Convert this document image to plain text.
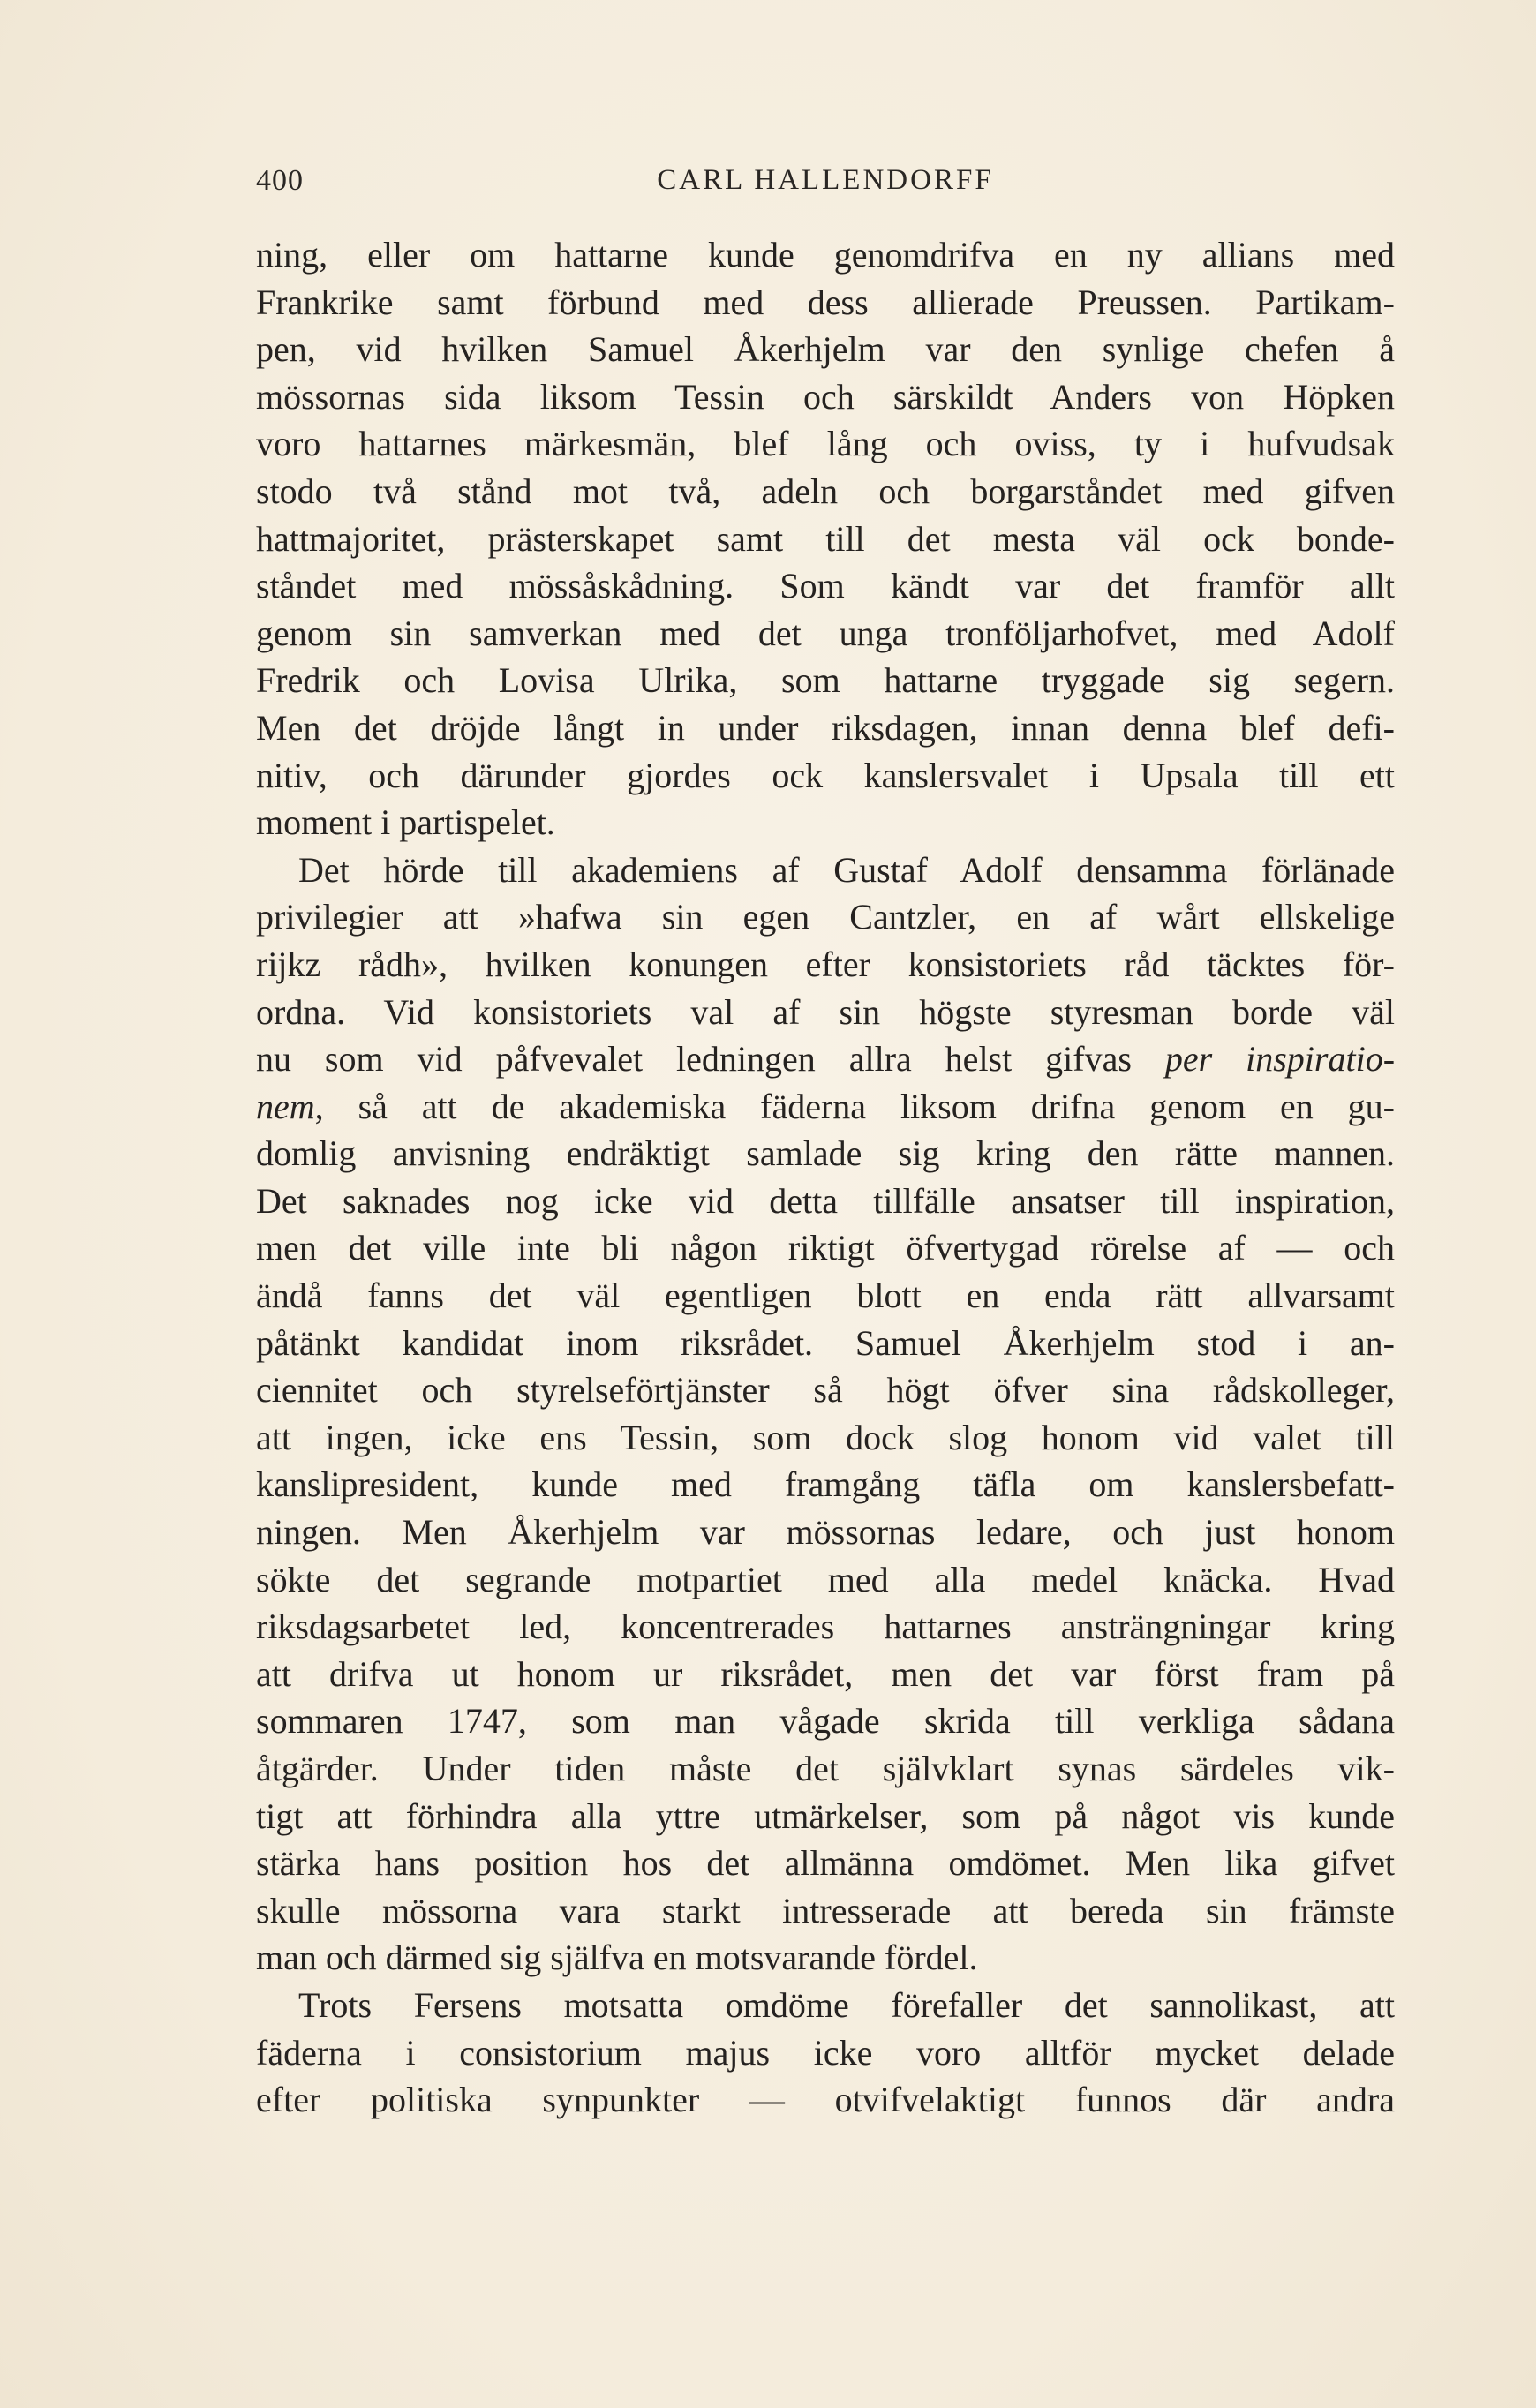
400	CARL HALLENDORFF
ning, eller om hattarne kunde genomdrifva en ny allians med
Frankrike samt förbund med dess allierade Preussen. Partikam-
pen, vid hvilken Samuel Åkerhjelm var den synlige chefen å
mössornas sida liksom Tessin och särskildt Anders von Höpken
voro hattarnes märkesmän, blef lång och oviss, ty i hufvudsak
stodo två stånd mot två, adeln och borgarståndet med gifven
hattmajoritet, prästerskapet samt till det mesta väl ock bonde-
ståndet med mössåskådning. Som kändt var det framför allt
genom sin samverkan med det unga tronföljarhofvet, med Adolf
Fredrik och Lovisa Ulrika, som hattarne tryggade sig segern.
Men det dröjde långt in under riksdagen, innan denna blef defi-
nitiv, och därunder gjordes ock kanslersvalet i Upsala till ett
moment i partispelet.
Det hörde till akademiens af Gustaf Adolf densamma förlänade
privilegier att »hafwa sin egen Cantzler, en af wårt ellskelige
rijkz rådh», hvilken konungen efter konsistoriets råd täcktes för-
ordna. Vid konsistoriets val af sin högste styresman borde väl
nu som vid påfvevalet ledningen allra helst gifvas per inspiratio-
nem, så att de akademiska fäderna liksom drifna genom en gu-
domlig anvisning endräktigt samlade sig kring den rätte mannen.
Det saknades nog icke vid detta tillfälle ansatser till inspiration,
men det ville inte bli någon riktigt öfvertygad rörelse af — och
ändå fanns det väl egentligen blott en enda rätt allvarsamt
påtänkt kandidat inom riksrådet. Samuel Åkerhjelm stod i an-
ciennitet och styrelseförtjänster så högt öfver sina rådskolleger,
att ingen, icke ens Tessin, som dock slog honom vid valet till
kanslipresident, kunde med framgång täfla om kanslersbefatt-
ningen. Men Åkerhjelm var mössornas ledare, och just honom
sökte det segrande motpartiet med alla medel knäcka. Hvad
riksdagsarbetet led, koncentrerades hattarnes ansträngningar kring
att drifva ut honom ur riksrådet, men det var först fram på
sommaren 1747, som man vågade skrida till verkliga sådana
åtgärder. Under tiden måste det självklart synas särdeles vik-
tigt att förhindra alla yttre utmärkelser, som på något vis kunde
stärka hans position hos det allmänna omdömet. Men lika gifvet
skulle mössorna vara starkt intresserade att bereda sin främste
man och därmed sig själfva en motsvarande fördel.
Trots Fersens motsatta omdöme förefaller det sannolikast, att
fäderna i consistorium majus icke voro alltför mycket delade
efter politiska synpunkter — otvifvelaktigt funnos där andra
